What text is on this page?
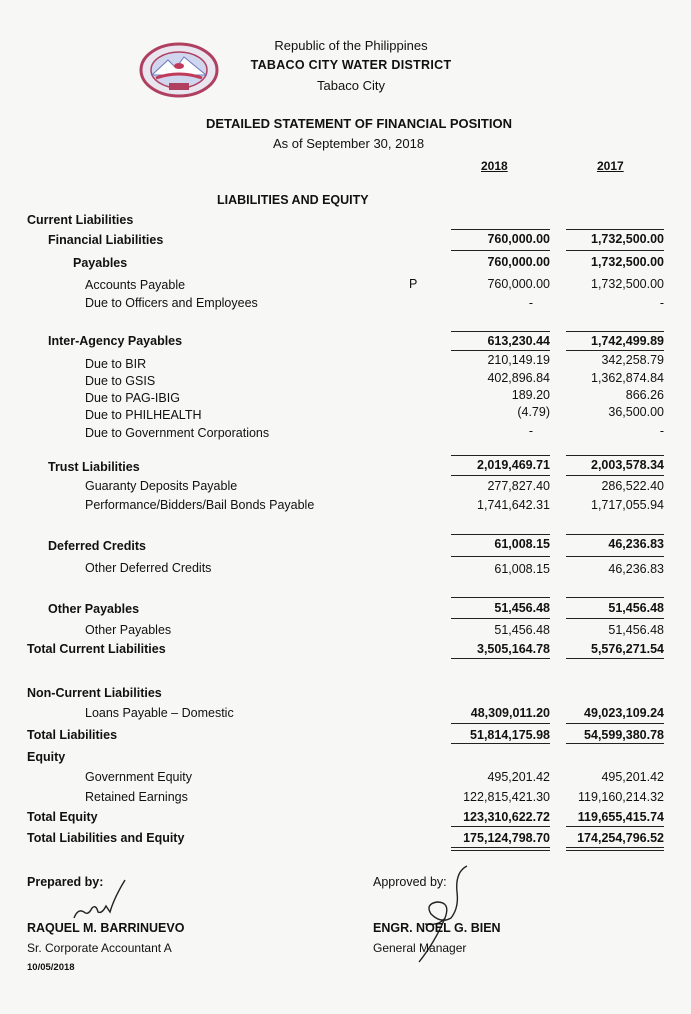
Republic of the Philippines
TABACO CITY WATER DISTRICT
Tabaco City
DETAILED STATEMENT OF FINANCIAL POSITION
As of September 30, 2018
2018	2017
LIABILITIES AND EQUITY
Current Liabilities
Financial Liabilities	760,000.00	1,732,500.00
Payables	760,000.00	1,732,500.00
Accounts Payable	P	760,000.00	1,732,500.00
Due to Officers and Employees	-	-
Inter-Agency Payables	613,230.44	1,742,499.89
Due to BIR	210,149.19	342,258.79
Due to GSIS	402,896.84	1,362,874.84
Due to PAG-IBIG	189.20	866.26
Due to PHILHEALTH	(4.79)	36,500.00
Due to Government Corporations	-	-
Trust Liabilities	2,019,469.71	2,003,578.34
Guaranty Deposits Payable	277,827.40	286,522.40
Performance/Bidders/Bail Bonds Payable	1,741,642.31	1,717,055.94
Deferred Credits	61,008.15	46,236.83
Other Deferred Credits	61,008.15	46,236.83
Other Payables	51,456.48	51,456.48
Other Payables	51,456.48	51,456.48
Total Current Liabilities	3,505,164.78	5,576,271.54
Non-Current Liabilities
Loans Payable – Domestic	48,309,011.20	49,023,109.24
Total Liabilities	51,814,175.98	54,599,380.78
Equity
Government Equity	495,201.42	495,201.42
Retained Earnings	122,815,421.30	119,160,214.32
Total Equity	123,310,622.72	119,655,415.74
Total Liabilities and Equity	175,124,798.70	174,254,796.52
Prepared by:
RAQUEL M. BARRINUEVO
Sr. Corporate Accountant A
10/05/2018
Approved by:
ENGR. NOEL G. BIEN
General Manager
